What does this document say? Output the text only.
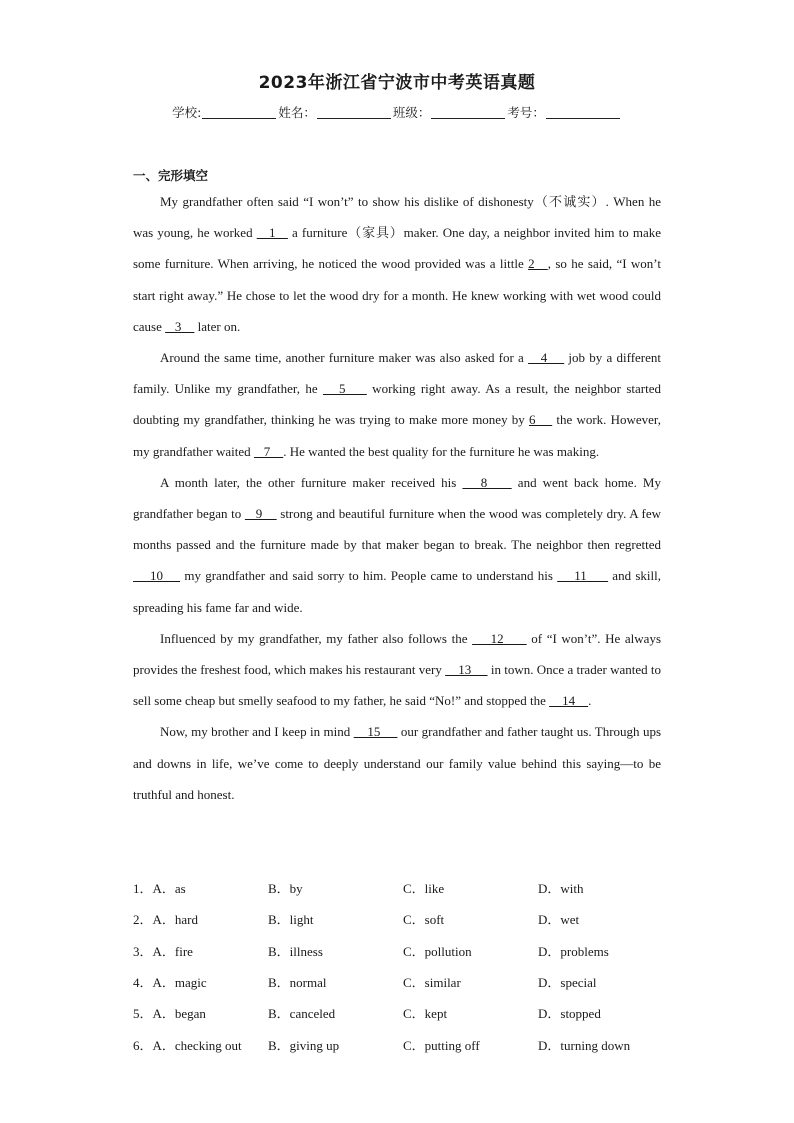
2023年浙江省宁波市中考英语真题
学校:	姓名：	班级：	考号：
一、完形填空

My grandfather often said “I won’t” to show his dislike of dishonesty（不诚实）. When he was young, he worked    1    a furniture（家具）maker. One day, a neighbor invited him to make some furniture. When arriving, he noticed the wood provided was a little 2   , so he said, “I won’t start right away.” He chose to let the wood dry for a month. He knew working with wet wood could cause    3     later on.

Around the same time, another furniture maker was also asked for a    4     job by a different family. Unlike my grandfather, he    5     working right away. As a result, the neighbor started doubting my grandfather, thinking he was trying to make more money by 6     the work. However, my grandfather waited    7    . He wanted the best quality for the furniture he was making.

A month later, the other furniture maker received his    8     and went back home. My grandfather began to    9     strong and beautiful furniture when the wood was completely dry. A few months passed and the furniture made by that maker began to break. The neighbor then regretted     10     my grandfather and said sorry to him. People came to understand his     11      and skill, spreading his fame far and wide.

Influenced by my grandfather, my father also follows the     12      of “I won’t”. He always provides the freshest food, which makes his restaurant very     13      in town. Once a trader wanted to sell some cheap but smelly seafood to my father, he said “No!” and stopped the     14    .

Now, my brother and I keep in mind     15      our grandfather and father taught us. Through ups and downs in life, we’ve come to deeply understand our family value behind this saying—to be truthful and honest.

1．A．as	B．by	C．like	D．with
2．A．hard	B．light	C．soft	D．wet
3．A．fire	B．illness	C．pollution	D．problems
4．A．magic	B．normal	C．similar	D．special
5．A．began	B．canceled	C．kept	D．stopped
6．A．checking out	B．giving up	C．putting off	D．turning down
